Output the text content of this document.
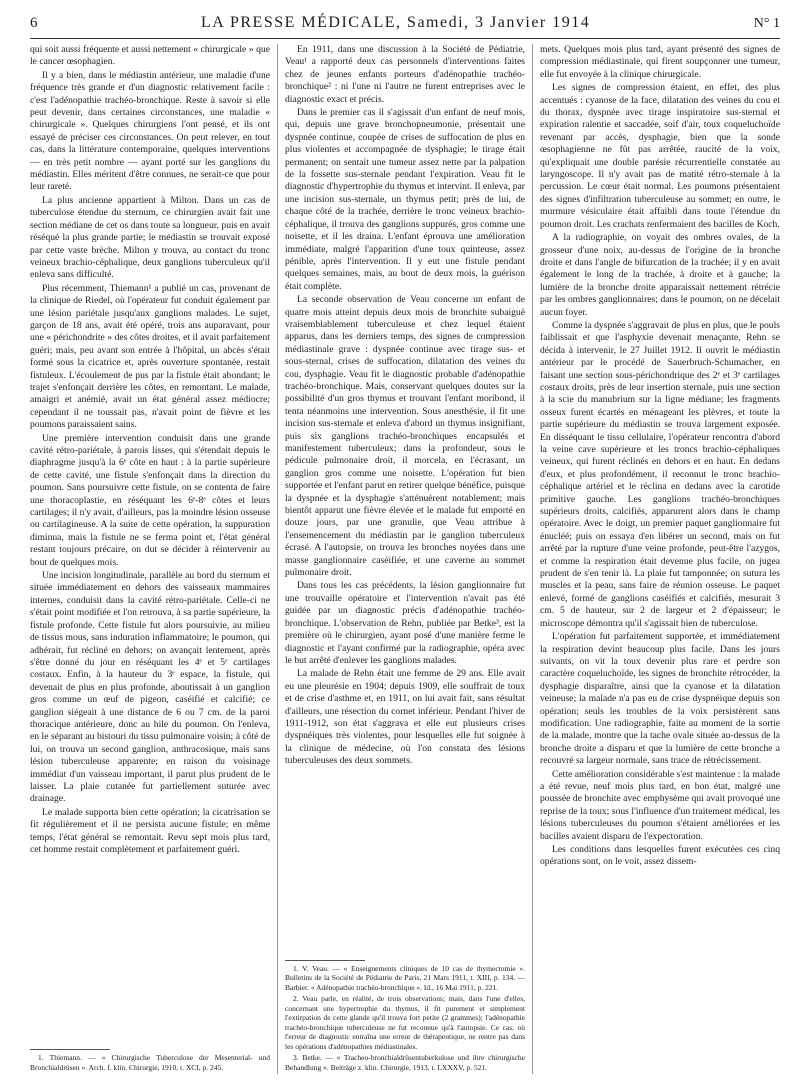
6	LA PRESSE MÉDICALE, Samedi, 3 Janvier 1914	N° 1

qui soit aussi fréquente et aussi nettement « chirurgicale » que le cancer œsophagien.

Il y a bien, dans le médiastin antérieur, une maladie d'une fréquence très grande et d'un diagnostic relativement facile : c'est l'adénopathie trachéo-bronchique. Reste à savoir si elle peut devenir, dans certaines circonstances, une maladie « chirurgicale ». Quelques chirurgiens l'ont pensé, et ils ont essayé de préciser ces circonstances. On peut relever, en tout cas, dans la littérature contemporaine, quelques interventions — en très petit nombre — ayant porté sur les ganglions du médiastin. Elles méritent d'être connues, ne serait-ce que pour leur rareté.

La plus ancienne appartient à Milton. Dans un cas de tuberculose étendue du sternum, ce chirurgien avait fait une section médiane de cet os dans toute sa longueur, puis en avait réséqué la plus grande partie; le médiastin se trouvait exposé par cette vaste brèche. Milton y trouva, au contact du tronc veineux brachio-céphalique, deux ganglions tuberculeux qu'il enleva sans difficulté.

Plus récemment, Thiemann¹ a publié un cas, provenant de la clinique de Riedel, où l'opérateur fut conduit également par une lésion pariétale jusqu'aux ganglions malades. Le sujet, garçon de 18 ans, avait été opéré, trois ans auparavant, pour une « périchondrite » des côtes droites, et il avait parfaitement guéri; mais, peu avant son entrée à l'hôpital, un abcès s'était formé sous la cicatrice et, après ouverture spontanée, restait fistuleux. L'écoulement de pus par la fistule était abondant; le trajet s'enfonçait derrière les côtes, en remontant. Le malade, amaigri et anémié, avait un état général assez médiocre; cependant il ne toussait pas, n'avait point de fièvre et les poumons paraissaient sains.

Une première intervention conduisit dans une grande cavité rétro-pariétale, à parois lisses, qui s'étendait depuis le diaphragme jusqu'à la 6ᵉ côte en haut : à la partie supérieure de cette cavité, une fistule s'enfonçait dans la direction du poumon. Sans poursuivre cette fistule, on se contenta de faire une thoracoplastie, en réséquant les 6ᵉ-8ᵉ côtes et leurs cartilages; il n'y avait, d'ailleurs, pas la moindre lésion osseuse ou cartilagineuse. A la suite de cette opération, la suppuration diminua, mais la fistule ne se ferma point et, l'état général restant toujours précaire, on dut se décider à réintervenir au bout de quelques mois.

Une incision longitudinale, parallèle au bord du sternum et située immédiatement en dehors des vaisseaux mammaires internes, conduisit dans la cavité rétro-pariétale. Celle-ci ne s'était point modifiée et l'on retrouva, à sa partie supérieure, la fistule profonde. Cette fistule fut alors poursuivie, au milieu de tissus mous, sans induration inflammatoire; le poumon, qui adhérait, fut récliné en dehors; on avançait lentement, après s'être donné du jour en réséquant les 4ᵉ et 5ᵉ cartilages costaux. Enfin, à la hauteur du 3ᵉ espace, la fistule, qui devenait de plus en plus profonde, aboutissait à un ganglion gros comme un œuf de pigeon, caséifié et calcifié; ce ganglion siégeait à une distance de 6 ou 7 cm. de la paroi thoracique antérieure, donc au hile du poumon. On l'enleva, en le séparant au bistouri du tissu pulmonaire voisin; à côté de lui, on trouva un second ganglion, anthracosique, mais sans lésion tuberculeuse apparente; en raison du voisinage immédiat d'un vaisseau important, il parut plus prudent de le laisser. La plaie cutanée fut partiellement suturée avec drainage.

Le malade supporta bien cette opération; la cicatrisation se fit régulièrement et il ne persista aucune fistule; en même temps, l'état général se remontait. Revu sept mois plus tard, cet homme restait complètement et parfaitement guéri.

1. Thiemann. — « Chirurgische Tuberculose der Mesenterial- und Bronchialdrüsen ». Arch. f. klin. Chirurgie, 1910, t. XCI, p. 245.

En 1911, dans une discussion à la Société de Pédiatrie, Veau¹ a rapporté deux cas personnels d'interventions faites chez de jeunes enfants porteurs d'adénopathie trachéo-bronchique² : ni l'une ni l'autre ne furent entreprises avec le diagnostic exact et précis.

Dans le premier cas il s'agissait d'un enfant de neuf mois, qui, depuis une grave bronchopneumonie, présentait une dyspnée continue, coupée de crises de suffocation de plus en plus violentes et accompagnée de dysphagie; le tirage était permanent; on sentait une tumeur assez nette par la palpation de la fossette sus-sternale pendant l'expiration. Veau fit le diagnostic d'hypertrophie du thymus et intervint. Il enleva, par une incision sus-sternale, un thymus petit; près de lui, de chaque côté de la trachée, derrière le tronc veineux brachio-céphalique, il trouva des ganglions suppurés, gros comme une noisette, et il les draina. L'enfant éprouva une amélioration immédiate, malgré l'apparition d'une toux quinteuse, assez pénible, après l'intervention. Il y eut une fistule pendant quelques semaines, mais, au bout de deux mois, la guérison était complète.

La seconde observation de Veau concerne un enfant de quatre mois atteint depuis deux mois de bronchite subaiguë vraisemblablement tuberculeuse et chez lequel étaient apparus, dans les derniers temps, des signes de compression médiastinale grave : dyspnée continue avec tirage sus- et sous-sternal, crises de suffocation, dilatation des veines du cou, dysphagie. Veau fit le diagnostic probable d'adénopathie trachéo-bronchique. Mais, conservant quelques doutes sur la possibilité d'un gros thymus et trouvant l'enfant moribond, il tenta néanmoins une intervention. Sous anesthésie, il fit une incision sus-sternale et enleva d'abord un thymus insignifiant, puis six ganglions trachéo-bronchiques encapsulés et manifestement tuberculeux; dans la profondeur, sous le pédicule pulmonaire droit, il morcela, en l'écrasant, un ganglion gros comme une noisette. L'opération fut bien supportée et l'enfant parut en retirer quelque bénéfice, puisque la dyspnée et la dysphagie s'atténuèrent notablement; mais bientôt apparut une fièvre élevée et le malade fut emporté en douze jours, par une granulie, que Veau attribue à l'ensemencement du médiastin par le ganglion tuberculeux écrasé. A l'autopsie, on trouva les bronches noyées dans une masse ganglionnaire caséifiée, et une caverne au sommet pulmonaire droit.

Dans tous les cas précédents, la lésion ganglionnaire fut une trouvaille opératoire et l'intervention n'avait pas été guidée par un diagnostic précis d'adénopathie trachéo-bronchique. L'observation de Rehn, publiée par Betke³, est la première où le chirurgien, ayant posé d'une manière ferme le diagnostic et l'ayant confirmé par la radiographie, opéra avec le but arrêté d'enlever les ganglions malades.

La malade de Rehn était une femme de 29 ans. Elle avait eu une pleurésie en 1904; depuis 1909, elle souffrait de toux et de crise d'asthme et, en 1911, on lui avait fait, sans résultat d'ailleurs, une résection du cornet inférieur. Pendant l'hiver de 1911-1912, son état s'aggrava et elle eut plusieurs crises dyspnéiques très violentes, pour lesquelles elle fut soignée à la clinique de médecine, où l'on constata des lésions tuberculeuses des deux sommets.

1. V. Veau. — « Enseignements cliniques de 10 cas de thymectomie ». Bulletins de la Société de Pédiatrie de Paris, 21 Mars 1911, t. XIII, p. 134. — Barbier. « Adénopathie trachéo-bronchique ». Id., 16 Mai 1911, p. 221.

2. Veau parle, en réalité, de trois observations; mais, dans l'une d'elles, concernant une hypertrophie du thymus, il fit purement et simplement l'extirpation de cette glande qu'il trouva fort petite (2 grammes); l'adénopathie trachéo-bronchique tuberculeuse ne fut reconnue qu'à l'autopsie. Ce cas, où l'erreur de diagnostic entraîna une erreur de thérapeutique, ne rentre pas dans les opérations d'adénopathies médiastinales.

3. Betke. — « Tracheo-bronchialdrüsentuberkulose und ihre chirurgische Behandlung ». Beiträge z. klin. Chirurgie, 1913, t. LXXXV, p. 521.

mets. Quelques mois plus tard, ayant présenté des signes de compression médiastinale, qui firent soupçonner une tumeur, elle fut envoyée à la clinique chirurgicale.

Les signes de compression étaient, en effet, des plus accentués : cyanose de la face, dilatation des veines du cou et du thorax, dyspnée avec tirage inspiratoire sus-sternal et expiration ralentie et saccadée, soif d'air, toux coqueluchoïde revenant par accès, dysphagie, bien que la sonde œsophagienne ne fût pas arrêtée, raucité de la voix, qu'expliquait une double parésie récurrentielle constatée au laryngoscope. Il n'y avait pas de matité rétro-sternale à la percussion. Le cœur était normal. Les poumons présentaient des signes d'infiltration tuberculeuse au sommet; en outre, le murmure vésiculaire était affaibli dans toute l'étendue du poumon droit. Les crachats renfermaient des bacilles de Koch.

A la radiographie, on voyait des ombres ovales, de la grosseur d'une noix, au-dessus de l'origine de la bronche droite et dans l'angle de bifurcation de la trachée; il y en avait également le long de la trachée, à droite et à gauche; la lumière de la bronche droite apparaissait nettement rétrécie par les ombres ganglionnaires; dans le poumon, on ne décelait aucun foyer.

Comme la dyspnée s'aggravait de plus en plus, que le pouls faiblissait et que l'asphyxie devenait menaçante, Rehn se décida à intervenir, le 27 Juillet 1912. Il ouvrit le médiastin antérieur par le procédé de Sauerbruch-Schumacher, en faisant une section sous-périchondrique des 2ᵉ et 3ᵉ cartilages costaux droits, près de leur insertion sternale, puis une section à la scie du manubrium sur la ligne médiane; les fragments osseux furent écartés en ménageant les plèvres, et toute la partie supérieure du médiastin se trouva largement exposée. En disséquant le tissu cellulaire, l'opérateur rencontra d'abord la veine cave supérieure et les troncs brachio-céphaliques veineux, qui furent réclinés en dehors et en haut. En dedans d'eux, et plus profondément, il reconnut le tronc brachio-céphalique artériel et le réclina en dedans avec la carotide primitive gauche. Les ganglions trachéo-bronchiques supérieurs droits, calcifiés, apparurent alors dans le champ opératoire. Avec le doigt, un premier paquet ganglionnaire fut énucléé; puis on essaya d'en libérer un second, mais on fut arrêté par la rupture d'une veine profonde, peut-être l'azygos, et comme la respiration était devenue plus facile, on jugea prudent de s'en tenir là. La plaie fut tamponnée; on sutura les muscles et la peau, sans faire de réunion osseuse. Le paquet enlevé, formé de ganglions caséifiés et calcifiés, mesurait 3 cm. 5 de hauteur, sur 2 de largeur et 2 d'épaisseur; le microscope démontra qu'il s'agissait bien de tuberculose.

L'opération fut parfaitement supportée, et immédiatement la respiration devint beaucoup plus facile. Dans les jours suivants, on vit la toux devenir plus rare et perdre son caractère coqueluchoïde, les signes de bronchite rétrocéder, la dysphagie disparaître, ainsi que la cyanose et la dilatation veineuse; la malade n'a pas eu de crise dyspnéique depuis son opération; seuls les troubles de la voix persistèrent sans modification. Une radiographie, faite au moment de la sortie de la malade, montre que la tache ovale située au-dessus de la bronche droite a disparu et que la lumière de cette bronche a recouvré sa largeur normale, sans trace de rétrécissement.

Cette amélioration considérable s'est maintenue : la malade a été revue, neuf mois plus tard, en bon état, malgré une poussée de bronchite avec emphysème qui avait provoqué une reprise de la toux; sous l'influence d'un traitement médical, les lésions tuberculeuses du poumon s'étaient améliorées et les bacilles avaient disparu de l'expectoration.

Les conditions dans lesquelles furent exécutées ces cinq opérations sont, on le voit, assez dissem-
